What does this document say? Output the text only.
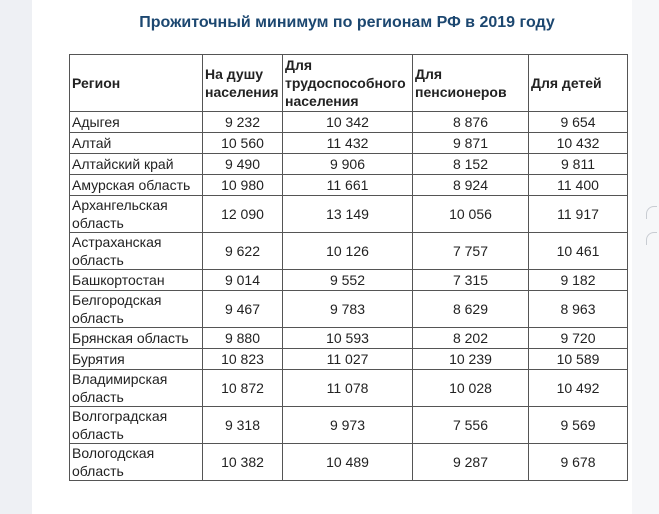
Прожиточный минимум по регионам РФ в 2019 году
Регион	На душу населения	Для трудоспособного населения	Для пенсионеров	Для детей
Адыгея	9 232	10 342	8 876	9 654
Алтай	10 560	11 432	9 871	10 432
Алтайский край	9 490	9 906	8 152	9 811
Амурская область	10 980	11 661	8 924	11 400
Архангельская область	12 090	13 149	10 056	11 917
Астраханская область	9 622	10 126	7 757	10 461
Башкортостан	9 014	9 552	7 315	9 182
Белгородская область	9 467	9 783	8 629	8 963
Брянская область	9 880	10 593	8 202	9 720
Бурятия	10 823	11 027	10 239	10 589
Владимирская область	10 872	11 078	10 028	10 492
Волгоградская область	9 318	9 973	7 556	9 569
Вологодская область	10 382	10 489	9 287	9 678
